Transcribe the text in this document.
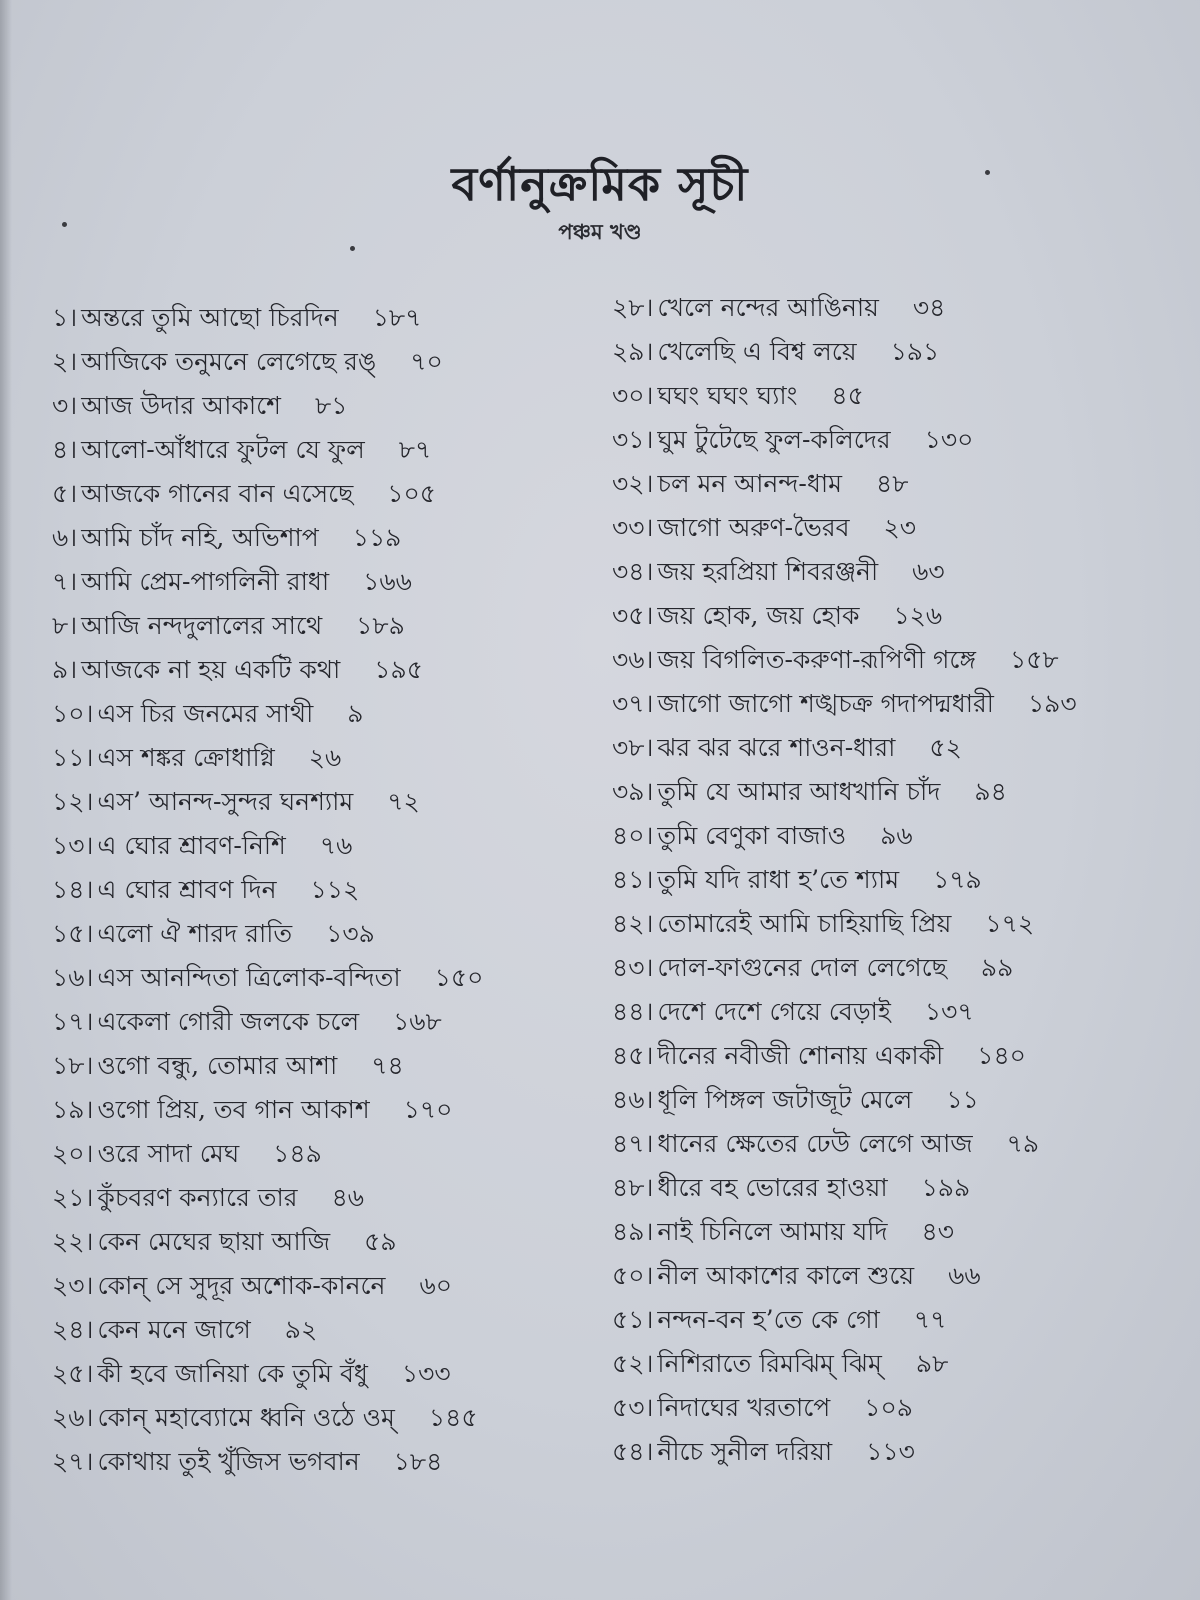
বর্ণানুক্রমিক সূচী
পঞ্চম খণ্ড
১। অন্তরে তুমি আছো চিরদিন ১৮৭
২। আজিকে তনুমনে লেগেছে রঙ্ ৭০
৩। আজ উদার আকাশে ৮১
৪। আলো-আঁধারে ফুটল যে ফুল ৮৭
৫। আজকে গানের বান এসেছে ১০৫
৬। আমি চাঁদ নহি, অভিশাপ ১১৯
৭। আমি প্রেম-পাগলিনী রাধা ১৬৬
৮। আজি নন্দদুলালের সাথে ১৮৯
৯। আজকে না হয় একটি কথা ১৯৫
১০। এস চির জনমের সাথী ৯
১১। এস শঙ্কর ক্রোধাগ্নি ২৬
১২। এস’ আনন্দ-সুন্দর ঘনশ্যাম ৭২
১৩। এ ঘোর শ্রাবণ-নিশি ৭৬
১৪। এ ঘোর শ্রাবণ দিন ১১২
১৫। এলো ঐ শারদ রাতি ১৩৯
১৬। এস আনন্দিতা ত্রিলোক-বন্দিতা ১৫০
১৭। একেলা গোরী জলকে চলে ১৬৮
১৮। ওগো বন্ধু, তোমার আশা ৭৪
১৯। ওগো প্রিয়, তব গান আকাশ ১৭০
২০। ওরে সাদা মেঘ ১৪৯
২১। কুঁচবরণ কন্যারে তার ৪৬
২২। কেন মেঘের ছায়া আজি ৫৯
২৩। কোন্ সে সুদূর অশোক-কাননে ৬০
২৪। কেন মনে জাগে ৯২
২৫। কী হবে জানিয়া কে তুমি বঁধু ১৩৩
২৬। কোন্ মহাব্যোমে ধ্বনি ওঠে ওম্ ১৪৫
২৭। কোথায় তুই খুঁজিস ভগবান ১৮৪
২৮। খেলে নন্দের আঙিনায় ৩৪
২৯। খেলেছি এ বিশ্ব লয়ে ১৯১
৩০। ঘঘং ঘঘং ঘ্যাং ৪৫
৩১। ঘুম টুটেছে ফুল-কলিদের ১৩০
৩২। চল মন আনন্দ-ধাম ৪৮
৩৩। জাগো অরুণ-ভৈরব ২৩
৩৪। জয় হরপ্রিয়া শিবরঞ্জনী ৬৩
৩৫। জয় হোক, জয় হোক ১২৬
৩৬। জয় বিগলিত-করুণা-রূপিণী গঙ্গে ১৫৮
৩৭। জাগো জাগো শঙ্খচক্র গদাপদ্মধারী ১৯৩
৩৮। ঝর ঝর ঝরে শাওন-ধারা ৫২
৩৯। তুমি যে আমার আধখানি চাঁদ ৯৪
৪০। তুমি বেণুকা বাজাও ৯৬
৪১। তুমি যদি রাধা হ’তে শ্যাম ১৭৯
৪২। তোমারেই আমি চাহিয়াছি প্রিয় ১৭২
৪৩। দোল-ফাগুনের দোল লেগেছে ৯৯
৪৪। দেশে দেশে গেয়ে বেড়াই ১৩৭
৪৫। দীনের নবীজী শোনায় একাকী ১৪০
৪৬। ধূলি পিঙ্গল জটাজূট মেলে ১১
৪৭। ধানের ক্ষেতের ঢেউ লেগে আজ ৭৯
৪৮। ধীরে বহ ভোরের হাওয়া ১৯৯
৪৯। নাই চিনিলে আমায় যদি ৪৩
৫০। নীল আকাশের কালে শুয়ে ৬৬
৫১। নন্দন-বন হ’তে কে গো ৭৭
৫২। নিশিরাতে রিমঝিম্ ঝিম্ ৯৮
৫৩। নিদাঘের খরতাপে ১০৯
৫৪। নীচে সুনীল দরিয়া ১১৩
